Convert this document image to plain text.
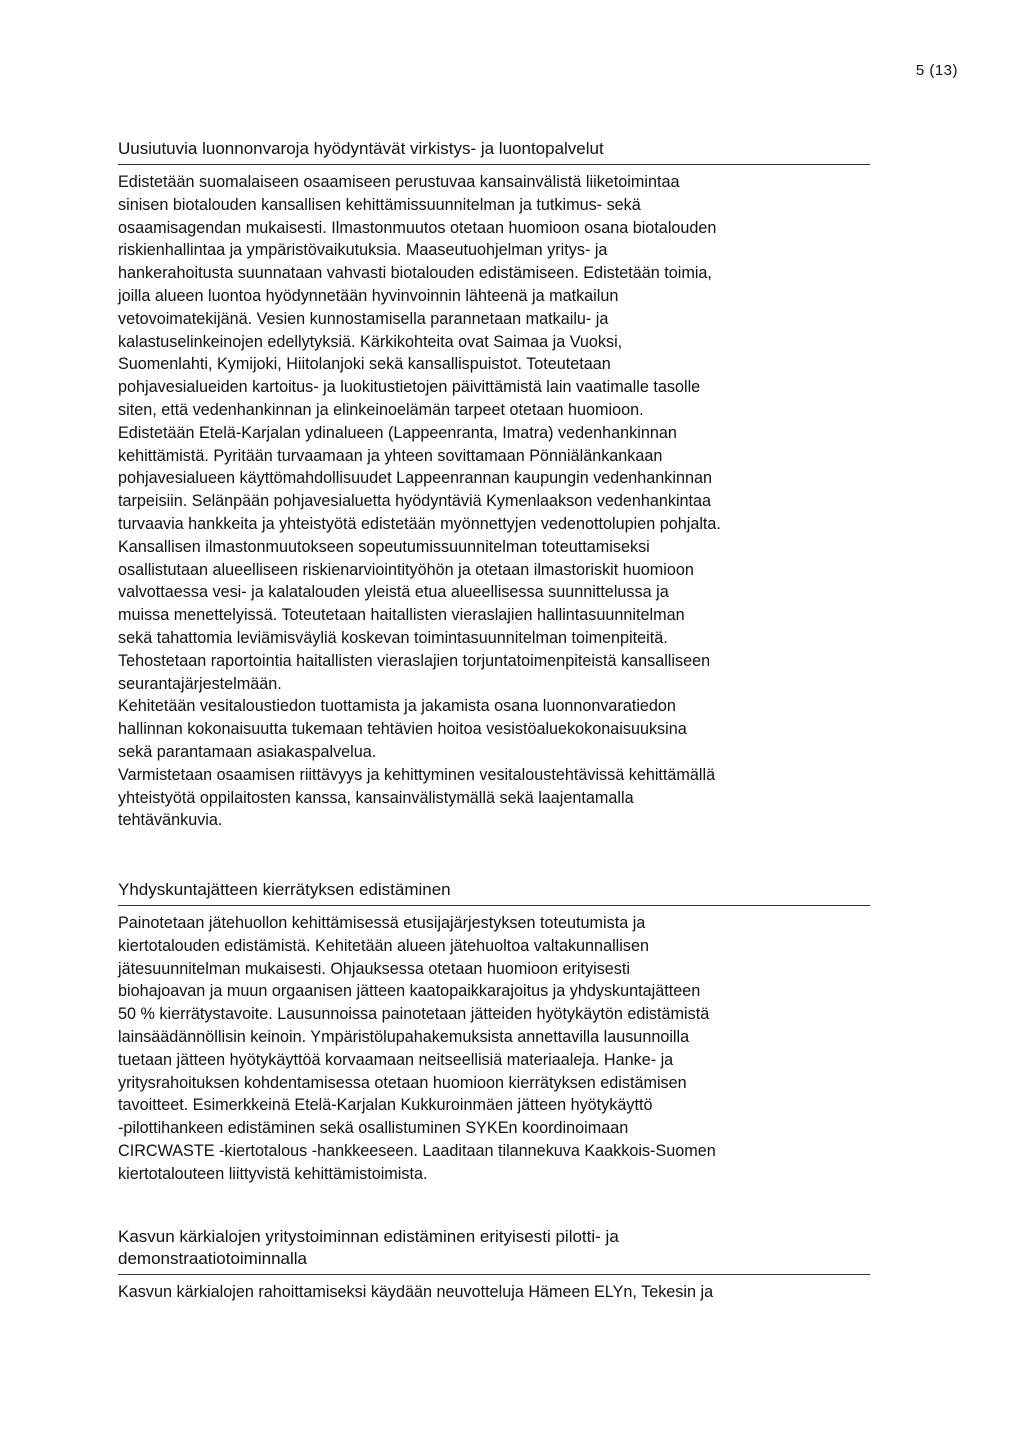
5 (13)
Uusiutuvia luonnonvaroja hyödyntävät virkistys- ja luontopalvelut

Edistetään suomalaiseen osaamiseen perustuvaa kansainvälistä liiketoimintaa
sinisen biotalouden kansallisen kehittämissuunnitelman ja tutkimus- sekä
osaamisagendan mukaisesti. Ilmastonmuutos otetaan huomioon osana biotalouden
riskienhallintaa ja ympäristövaikutuksia. Maaseutuohjelman yritys- ja
hankerahoitusta suunnataan vahvasti biotalouden edistämiseen. Edistetään toimia,
joilla alueen luontoa hyödynnetään hyvinvoinnin lähteenä ja matkailun
vetovoimatekijänä. Vesien kunnostamisella parannetaan matkailu- ja
kalastuselinkeinojen edellytyksiä. Kärkikohteita ovat Saimaa ja Vuoksi,
Suomenlahti, Kymijoki, Hiitolanjoki sekä kansallispuistot. Toteutetaan
pohjavesialueiden kartoitus- ja luokitustietojen päivittämistä lain vaatimalle tasolle
siten, että vedenhankinnan ja elinkeinoelämän tarpeet otetaan huomioon.
Edistetään Etelä-Karjalan ydinalueen (Lappeenranta, Imatra) vedenhankinnan
kehittämistä. Pyritään turvaamaan ja yhteen sovittamaan Pönniälänkankaan
pohjavesialueen käyttömahdollisuudet Lappeenrannan kaupungin vedenhankinnan
tarpeisiin. Selänpään pohjavesialuetta hyödyntäviä Kymenlaakson vedenhankintaa
turvaavia hankkeita ja yhteistyötä edistetään myönnettyjen vedenottolupien pohjalta.
Kansallisen ilmastonmuutokseen sopeutumissuunnitelman toteuttamiseksi
osallistutaan alueelliseen riskienarviointityöhön ja otetaan ilmastoriskit huomioon
valvottaessa vesi- ja kalatalouden yleistä etua alueellisessa suunnittelussa ja
muissa menettelyissä. Toteutetaan haitallisten vieraslajien hallintasuunnitelman
sekä tahattomia leviämisväyliä koskevan toimintasuunnitelman toimenpiteitä.
Tehostetaan raportointia haitallisten vieraslajien torjuntatoimenpiteistä kansalliseen
seurantajärjestelmään.
Kehitetään vesitaloustiedon tuottamista ja jakamista osana luonnonvaratiedon
hallinnan kokonaisuutta tukemaan tehtävien hoitoa vesistöaluekokonaisuuksina
sekä parantamaan asiakaspalvelua.
Varmistetaan osaamisen riittävyys ja kehittyminen vesitaloustehtävissä kehittämällä
yhteistyötä oppilaitosten kanssa, kansainvälistymällä sekä laajentamalla
tehtävänkuvia.

Yhdyskuntajätteen kierrätyksen edistäminen

Painotetaan jätehuollon kehittämisessä etusijajärjestyksen toteutumista ja
kiertotalouden edistämistä. Kehitetään alueen jätehuoltoa valtakunnallisen
jätesuunnitelman mukaisesti. Ohjauksessa otetaan huomioon erityisesti
biohajoavan ja muun orgaanisen jätteen kaatopaikkarajoitus ja yhdyskuntajätteen
50 % kierrätystavoite. Lausunnoissa painotetaan jätteiden hyötykäytön edistämistä
lainsäädännöllisin keinoin. Ympäristölupahakemuksista annettavilla lausunnoilla
tuetaan jätteen hyötykäyttöä korvaamaan neitseellisiä materiaaleja. Hanke- ja
yritysrahoituksen kohdentamisessa otetaan huomioon kierrätyksen edistämisen
tavoitteet. Esimerkkeinä Etelä-Karjalan Kukkuroinmäen jätteen hyötykäyttö
-pilottihankeen edistäminen sekä osallistuminen SYKEn koordinoimaan
CIRCWASTE -kiertotalous -hankkeeseen. Laaditaan tilannekuva Kaakkois-Suomen
kiertotalouteen liittyvistä kehittämistoimista.

Kasvun kärkialojen yritystoiminnan edistäminen erityisesti pilotti- ja
demonstraatiotoiminnalla

Kasvun kärkialojen rahoittamiseksi käydään neuvotteluja Hämeen ELYn, Tekesin ja
